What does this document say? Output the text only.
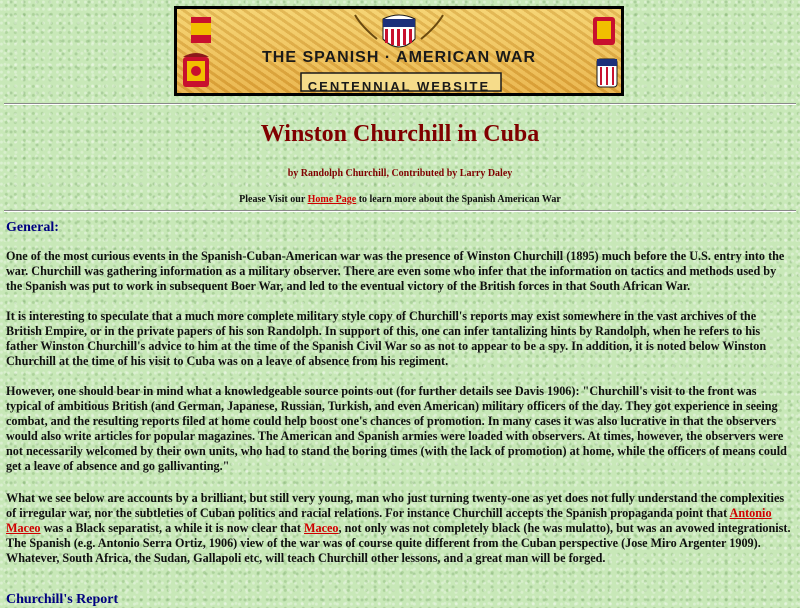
THE SPANISH · AMERICAN WAR
CENTENNIAL WEBSITE
Winston Churchill in Cuba
by Randolph Churchill, Contributed by Larry Daley
Please Visit our Home Page to learn more about the Spanish American War
General:

One of the most curious events in the Spanish-Cuban-American war was the presence of Winston Churchill (1895) much before the U.S. entry into the war. Churchill was gathering information as a military observer. There are even some who infer that the information on tactics and methods used by the Spanish was put to work in subsequent Boer War, and led to the eventual victory of the British forces in that South African War.

It is interesting to speculate that a much more complete military style copy of Churchill's reports may exist somewhere in the vast archives of the British Empire, or in the private papers of his son Randolph. In support of this, one can infer tantalizing hints by Randolph, when he refers to his father Winston Churchill's advice to him at the time of the Spanish Civil War so as not to appear to be a spy. In addition, it is noted below Winston Churchill at the time of his visit to Cuba was on a leave of absence from his regiment.

However, one should bear in mind what a knowledgeable source points out (for further details see Davis 1906): "Churchill's visit to the front was typical of ambitious British (and German, Japanese, Russian, Turkish, and even American) military officers of the day. They got experience in seeing combat, and the resulting reports filed at home could help boost one's chances of promotion. In many cases it was also lucrative in that the observers would also write articles for popular magazines. The American and Spanish armies were loaded with observers. At times, however, the observers were not necessarily welcomed by their own units, who had to stand the boring times (with the lack of promotion) at home, while the officers of means could get a leave of absence and go gallivanting."

What we see below are accounts by a brilliant, but still very young, man who just turning twenty-one as yet does not fully understand the complexities of irregular war, nor the subtleties of Cuban politics and racial relations. For instance Churchill accepts the Spanish propaganda point that Antonio Maceo was a Black separatist, a while it is now clear that Maceo, not only was not completely black (he was mulatto), but was an avowed integrationist. The Spanish (e.g. Antonio Serra Ortiz, 1906) view of the war was of course quite different from the Cuban perspective (Jose Miro Argenter 1909). Whatever, South Africa, the Sudan, Gallapoli etc, will teach Churchill other lessons, and a great man will be forged.

Churchill's Report
